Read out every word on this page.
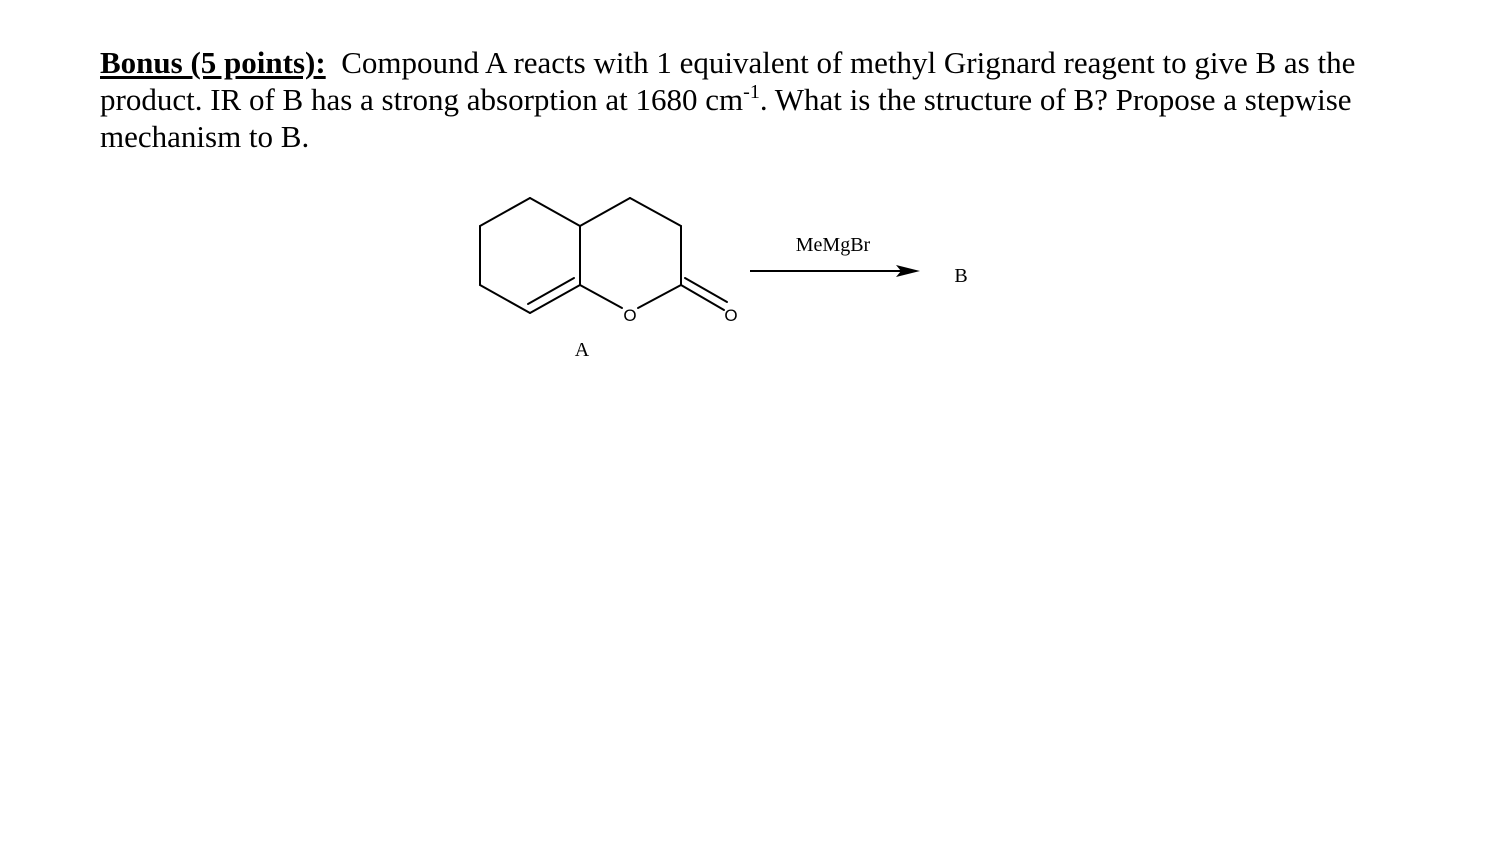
Bonus (5 points): Compound A reacts with 1 equivalent of methyl Grignard reagent to give B as the product. IR of B has a strong absorption at 1680 $cm^{-1}$. What is the structure of B? Propose a stepwise mechanism to B.

O	O
A
MeMgBr
B
